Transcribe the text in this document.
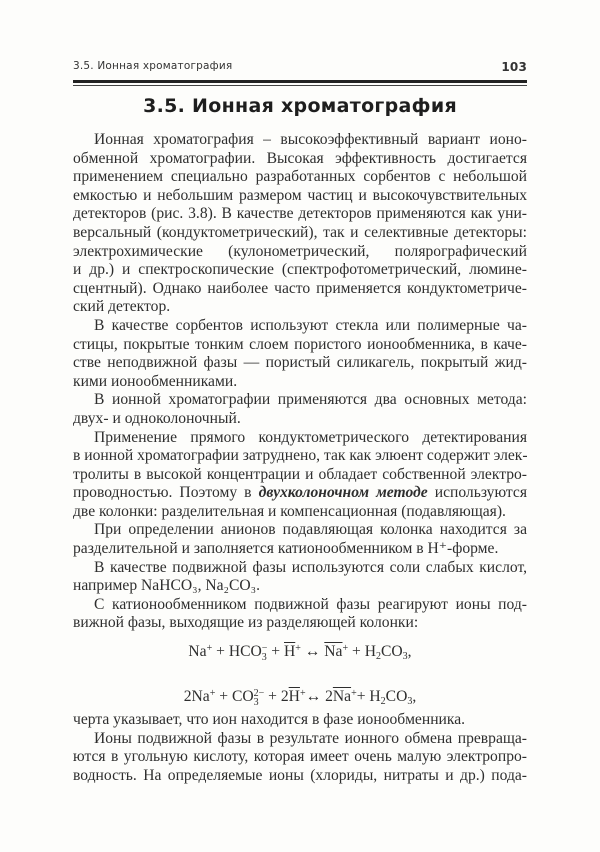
3.5. Ионная хроматография	103
3.5. Ионная хроматография
Ионная хроматография – высокоэффективный вариант ионо-
обменной хроматографии. Высокая эффективность достигается
применением специально разработанных сорбентов с небольшой
емкостью и небольшим размером частиц и высокочувствительных
детекторов (рис. 3.8). В качестве детекторов применяются как уни-
версальный (кондуктометрический), так и селективные детекторы:
электрохимические (кулонометрический, полярографический
и др.) и спектроскопические (спектрофотометрический, люмине-
сцентный). Однако наиболее часто применяется кондуктометриче-
ский детектор.
В качестве сорбентов используют стекла или полимерные ча-
стицы, покрытые тонким слоем пористого ионообменника, в каче-
стве неподвижной фазы — пористый силикагель, покрытый жид-
кими ионообменниками.
В ионной хроматографии применяются два основных метода:
двух- и одноколоночный.
Применение прямого кондуктометрического детектирования
в ионной хроматографии затруднено, так как элюент содержит элек-
тролиты в высокой концентрации и обладает собственной электро-
проводностью. Поэтому в двухколоночном методе используются
две колонки: разделительная и компенсационная (подавляющая).
При определении анионов подавляющая колонка находится за
разделительной и заполняется катионообменником в H⁺-форме.
В качестве подвижной фазы используются соли слабых кислот,
например NaHCO₃, Na₂CO₃.
С катионообменником подвижной фазы реагируют ионы под-
вижной фазы, выходящие из разделяющей колонки:
Na+ + HCO −
$3 + \overline{H}^+$ ↔ $\overline{Na}^+ + H_2CO_3$,
2Na+ + CO 2−
$3 + 2\overline{H}^+\leftrightarrow$ $2\overline{Na}^++ H_2CO_3$,
черта указывает, что ион находится в фазе ионообменника.
Ионы подвижной фазы в результате ионного обмена превраща-
ются в угольную кислоту, которая имеет очень малую электропро-
водность. На определяемые ионы (хлориды, нитраты и др.) пода-
